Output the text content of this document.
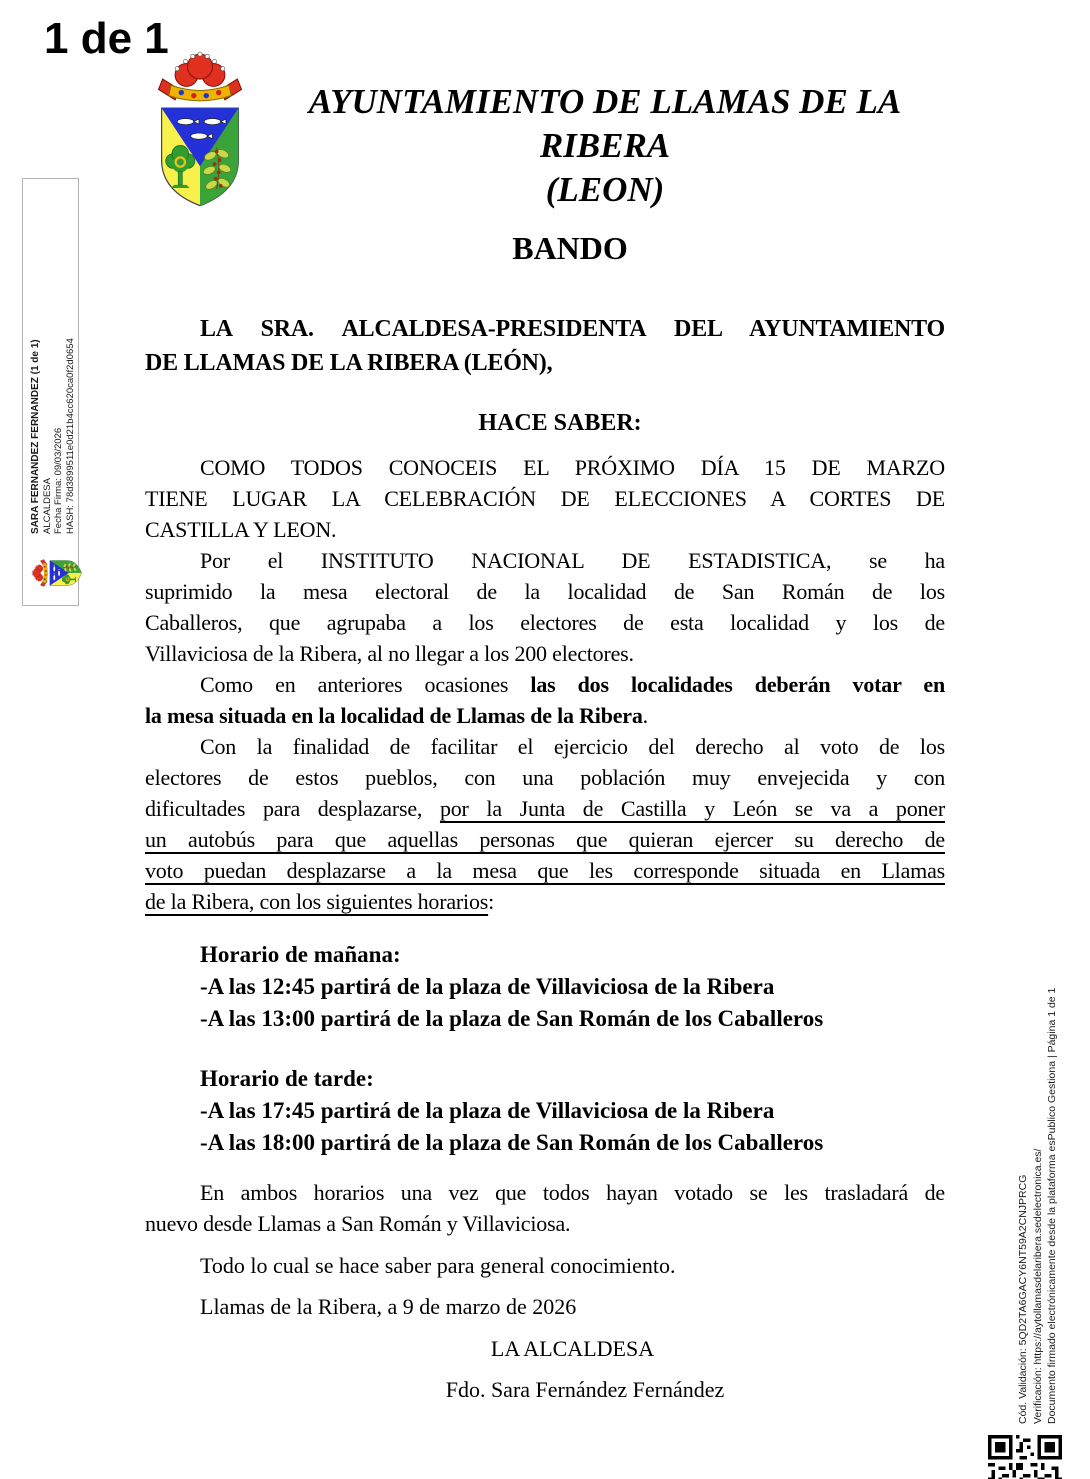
1 de 1
AYUNTAMIENTO DE LLAMAS DE LA
RIBERA
(LEON)
BANDO
LA SRA. ALCALDESA-PRESIDENTA DEL AYUNTAMIENTO
DE LLAMAS DE LA RIBERA (LEÓN),
HACE SABER:
COMO TODOS CONOCEIS EL PRÓXIMO DÍA 15 DE MARZO
TIENE LUGAR LA CELEBRACIÓN DE ELECCIONES A CORTES DE
CASTILLA Y LEON.
Por el INSTITUTO NACIONAL DE ESTADISTICA, se ha
suprimido la mesa electoral de la localidad de San Román de los
Caballeros, que agrupaba a los electores de esta localidad y los de
Villaviciosa de la Ribera, al no llegar a los 200 electores.
Como en anteriores ocasiones las dos localidades deberán votar en
la mesa situada en la localidad de Llamas de la Ribera.
Con la finalidad de facilitar el ejercicio del derecho al voto de los
electores de estos pueblos, con una población muy envejecida y con
dificultades para desplazarse, por la Junta de Castilla y León se va a poner
un autobús para que aquellas personas que quieran ejercer su derecho de
voto puedan desplazarse a la mesa que les corresponde situada en Llamas
de la Ribera, con los siguientes horarios:
Horario de mañana:
-A las 12:45 partirá de la plaza de Villaviciosa de la Ribera
-A las 13:00 partirá de la plaza de San Román de los Caballeros
Horario de tarde:
-A las 17:45 partirá de la plaza de Villaviciosa de la Ribera
-A las 18:00 partirá de la plaza de San Román de los Caballeros
En ambos horarios una vez que todos hayan votado se les trasladará de
nuevo desde Llamas a San Román y Villaviciosa.
Todo lo cual se hace saber para general conocimiento.
Llamas de la Ribera, a 9 de marzo de 2026
LA ALCALDESA
Fdo. Sara Fernández Fernández
SARA FERNANDEZ FERNANDEZ (1 de 1) ALCALDESA Fecha Firma: 09/03/2026 HASH: 78d3899511e0d21b4cc620ca0f2d0654
Cód. Validación: 5QD2TA6GACY6NT59A2CNJPRCG Verificación: https://aytollamasdelaribera.sedelectronica.es/ Documento firmado electrónicamente desde la plataforma esPublico Gestiona | Página 1 de 1
